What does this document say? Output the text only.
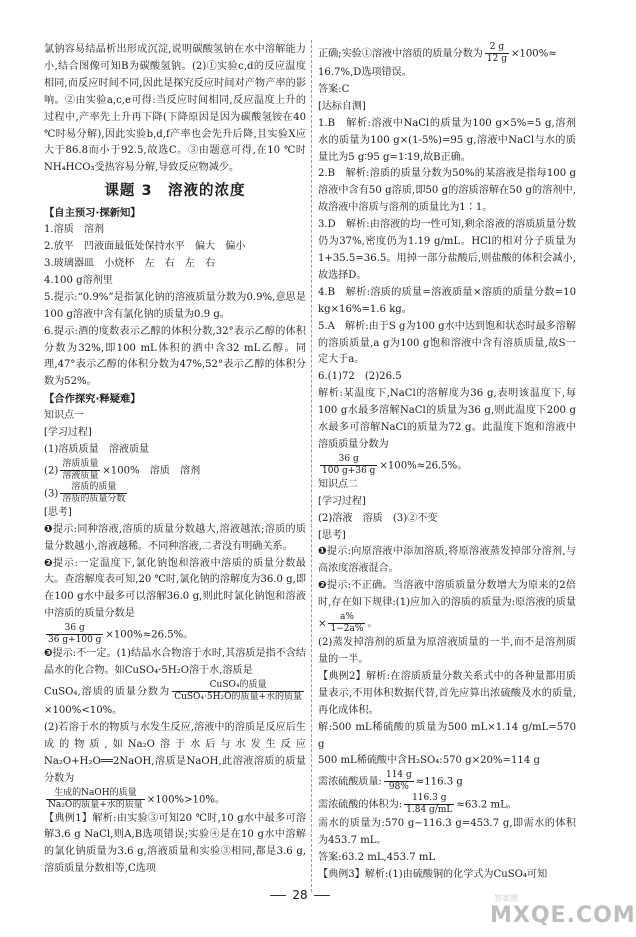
氯钠容易结晶析出形成沉淀,说明碳酸氢钠在水中溶解能力小,结合图像可知B为碳酸氢钠。(2)①实验c,d的反应温度相同,而反应时间不同,因此是探究反应时间对产物产率的影响。②由实验a,c,e可得:当反应时间相同,反应温度上升的过程中,产率先上升再下降(下降原因是因为碳酸氢铵在40 ℃时易分解),因此实验b,d,f产率也会先升后降,且实验X应大于86.8而小于92.5,故选C。③由题意可得,在10 ℃时NH₄HCO₃受热容易分解,导致反应物减少。

课题 3　溶液的浓度
【自主预习·探新知】

1.溶质　溶剂

2.放平　凹液面最低处保持水平　偏大　偏小

3.玻璃器皿　小烧杯　左　右　左　右

4.100 g溶剂里

5.提示:“0.9%”是指氯化钠的溶液质量分数为0.9%,意思是100 g溶液中含有氯化钠的质量为0.9 g。

6.提示:酒的度数表示乙醇的体积分数,32°表示乙醇的体积分数为32%,即100 mL体积的酒中含32 mL乙醇。同理,47°表示乙醇的体积分数为47%,52°表示乙醇的体积分数为52%。

【合作探究·释疑难】
知识点一
[学习过程]

(1)溶质质量　溶液质量

$(2) \frac{\text{溶质质量}}{\text{溶液质量}} \times 100\%$　溶质　溶剂

$(3) \frac{\text{溶质的质量}}{\text{溶质的质量分数}}$

[思考]

❶提示:同种溶液,溶质的质量分数越大,溶液越浓;溶质的质量分数越小,溶液越稀。不同种溶液,二者没有明确关系。

❷提示:一定温度下,氯化钠饱和溶液中溶质的质量分数最大。查溶解度表可知,20 ℃时,氯化钠的溶解度为36.0 g,即在100 g水中最多可以溶解36.0 g,则此时氯化钠饱和溶液中溶质的质量分数是

$\frac{36 g}{36 g+100 g} \times 100\%\approx 26.5\%$。

❸提示:不一定。(1)结晶水合物溶于水时,其溶质是指不含结晶水的化合物。如CuSO₄·5H₂O溶于水,溶质是

CuSO₄,溶质的质量分数为 $\frac{\text{CuSO₄的质量}}{\text{CuSO₄·5H₂O的质量+水的质量}}$
×100%<10%。

(2)若溶于水的物质与水发生反应,溶液中的溶质是反应后生成的物质,如Na₂O溶于水后与水发生反应Na₂O+H₂O══2NaOH,溶质是NaOH,此溶液溶质的质量分数为

$\frac{\text{生成的NaOH的质量}}{\text{Na₂O的质量+水的质量}} \times 100\%>10\%$。

【典例1】解析:由实验③可知20 ℃时,10 g水中最多可溶解3.6 g NaCl,则A,B选项错误;实验④是在10 g水中溶解的氯化钠质量为3.6 g,溶液质量和实验③相同,都是3.6 g,溶质质量分数相等,C选项

正确;实验①溶液中溶质的质量分数为 $\frac{2 g}{12 g} \times 100\%\approx$

16.7%,D选项错误。

答案:C

[达标自测]

1.B　解析:溶液中NaCl的质量为100 g×5%=5 g,溶剂水的质量为100 g×(1-5%)=95 g,溶液中NaCl与水的质量比为5 g∶95 g=1∶19,故B正确。

2.B　解析:溶质的质量分数为50%的某溶液是指每100 g溶液中含有50 g溶质,即50 g的溶质溶解在50 g的溶剂中,故溶液中溶质与溶剂的质量比为1∶1。

3.D　解析:由溶液的均一性可知,剩余溶液的溶质质量分数仍为37%,密度仍为1.19 g/mL。HCl的相对分子质量为1+35.5=36.5。用掉一部分盐酸后,则盐酸的体积会减小,故选择D。

4.B　解析:溶质的质量=溶液质量×溶质的质量分数=10 kg×16%=1.6 kg。

5.A　解析:由于S g为100 g水中达到饱和状态时最多溶解的溶质质量,a g为100 g饱和溶液中含有溶质质量,故S一定大于a。

6.(1)72　(2)26.5

解析:某温度下,NaCl的溶解度为36 g,表明该温度下,每100 g水最多溶解NaCl的质量为36 g,则此温度下200 g水最多可溶解NaCl的质量为72 g。此温度下饱和溶液中溶质质量分数为

$\frac{36 g}{100 g+36 g} \times 100\%\approx 26.5\%$。

知识点二
[学习过程]

(2)溶液　溶质　(3)②不变

[思考]

❶提示:向原溶液中添加溶质,将原溶液蒸发掉部分溶剂,与高浓度溶液混合。

❷提示:不正确。当溶液中溶质质量分数增大为原来的2倍时,存在如下规律:(1)应加入的溶质的质量为:原溶液的质量× $\frac{a\%}{1-2a\%}$ 。

(2)蒸发掉溶剂的质量为原溶液质量的一半,而不是溶剂质量的一半。

【典例2】解析:在溶质质量分数关系式中的各种量都用质量表示,不用体积数据代替,首先应算出浓硫酸及水的质量,再化成体积。

解:500 mL稀硫酸的质量为500 mL×1.14 g/mL=570 g

500 mL稀硫酸中含H₂SO₄:570 g×20%=114 g

需浓硫酸质量: $\frac{114 g}{98\%} \approx 116.3$ g

需浓硫酸的体积为: $\frac{116.3 g}{1.84 g/mL} \approx 63.2$ mL。

需水的质量为:570 g−116.3 g=453.7 g,即需水的体积为453.7 mL。

答案:63.2 mL,453.7 mL

【典例3】解析:(1)由硫酸铜的化学式为CuSO₄可知

28	答案圈
MXQE.COM
